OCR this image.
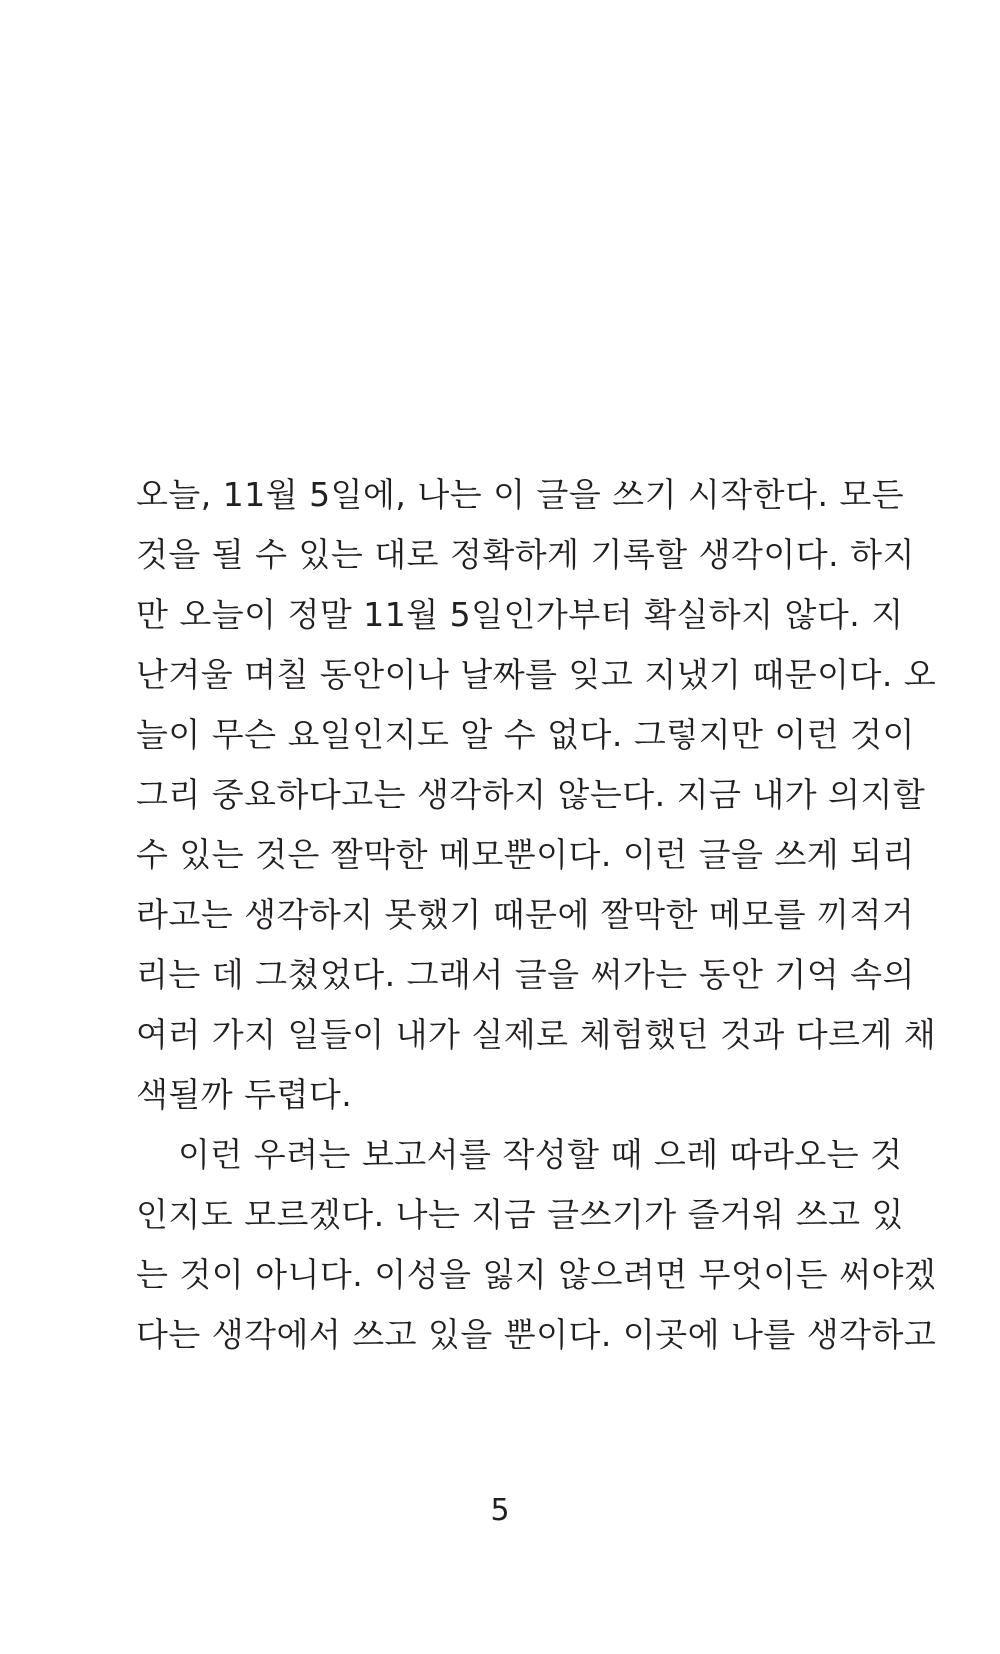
오늘, 11월 5일에, 나는 이 글을 쓰기 시작한다. 모든
것을 될 수 있는 대로 정확하게 기록할 생각이다. 하지
만 오늘이 정말 11월 5일인가부터 확실하지 않다. 지
난겨울 며칠 동안이나 날짜를 잊고 지냈기 때문이다. 오
늘이 무슨 요일인지도 알 수 없다. 그렇지만 이런 것이
그리 중요하다고는 생각하지 않는다. 지금 내가 의지할
수 있는 것은 짤막한 메모뿐이다. 이런 글을 쓰게 되리
라고는 생각하지 못했기 때문에 짤막한 메모를 끼적거
리는 데 그쳤었다. 그래서 글을 써가는 동안 기억 속의
여러 가지 일들이 내가 실제로 체험했던 것과 다르게 채
색될까 두렵다.
이런 우려는 보고서를 작성할 때 으레 따라오는 것
인지도 모르겠다. 나는 지금 글쓰기가 즐거워 쓰고 있
는 것이 아니다. 이성을 잃지 않으려면 무엇이든 써야겠
다는 생각에서 쓰고 있을 뿐이다. 이곳에 나를 생각하고
5
